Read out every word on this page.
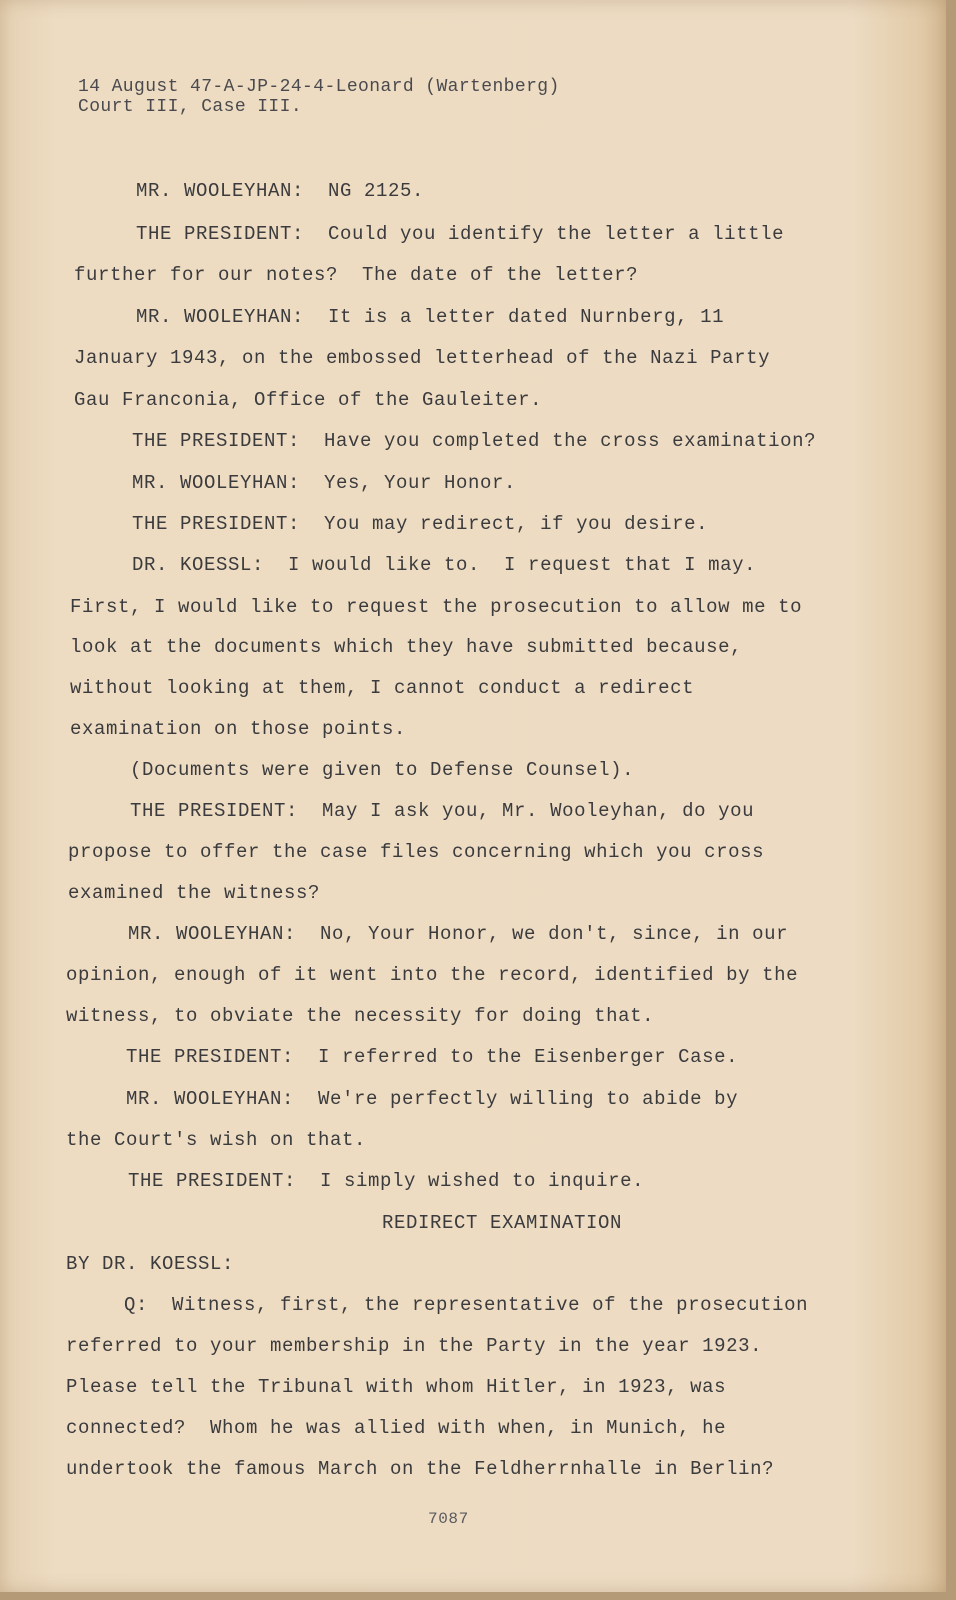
14 August 47-A-JP-24-4-Leonard (Wartenberg)
Court III, Case III.
MR. WOOLEYHAN:  NG 2125.
THE PRESIDENT:  Could you identify the letter a little
further for our notes?  The date of the letter?
MR. WOOLEYHAN:  It is a letter dated Nurnberg, 11
January 1943, on the embossed letterhead of the Nazi Party
Gau Franconia, Office of the Gauleiter.
THE PRESIDENT:  Have you completed the cross examination?
MR. WOOLEYHAN:  Yes, Your Honor.
THE PRESIDENT:  You may redirect, if you desire.
DR. KOESSL:  I would like to.  I request that I may.
First, I would like to request the prosecution to allow me to
look at the documents which they have submitted because,
without looking at them, I cannot conduct a redirect
examination on those points.
(Documents were given to Defense Counsel).
THE PRESIDENT:  May I ask you, Mr. Wooleyhan, do you
propose to offer the case files concerning which you cross
examined the witness?
MR. WOOLEYHAN:  No, Your Honor, we don't, since, in our
opinion, enough of it went into the record, identified by the
witness, to obviate the necessity for doing that.
THE PRESIDENT:  I referred to the Eisenberger Case.
MR. WOOLEYHAN:  We're perfectly willing to abide by
the Court's wish on that.
THE PRESIDENT:  I simply wished to inquire.
REDIRECT EXAMINATION
BY DR. KOESSL:
Q:  Witness, first, the representative of the prosecution
referred to your membership in the Party in the year 1923.
Please tell the Tribunal with whom Hitler, in 1923, was
connected?  Whom he was allied with when, in Munich, he
undertook the famous March on the Feldherrnhalle in Berlin?
7087
